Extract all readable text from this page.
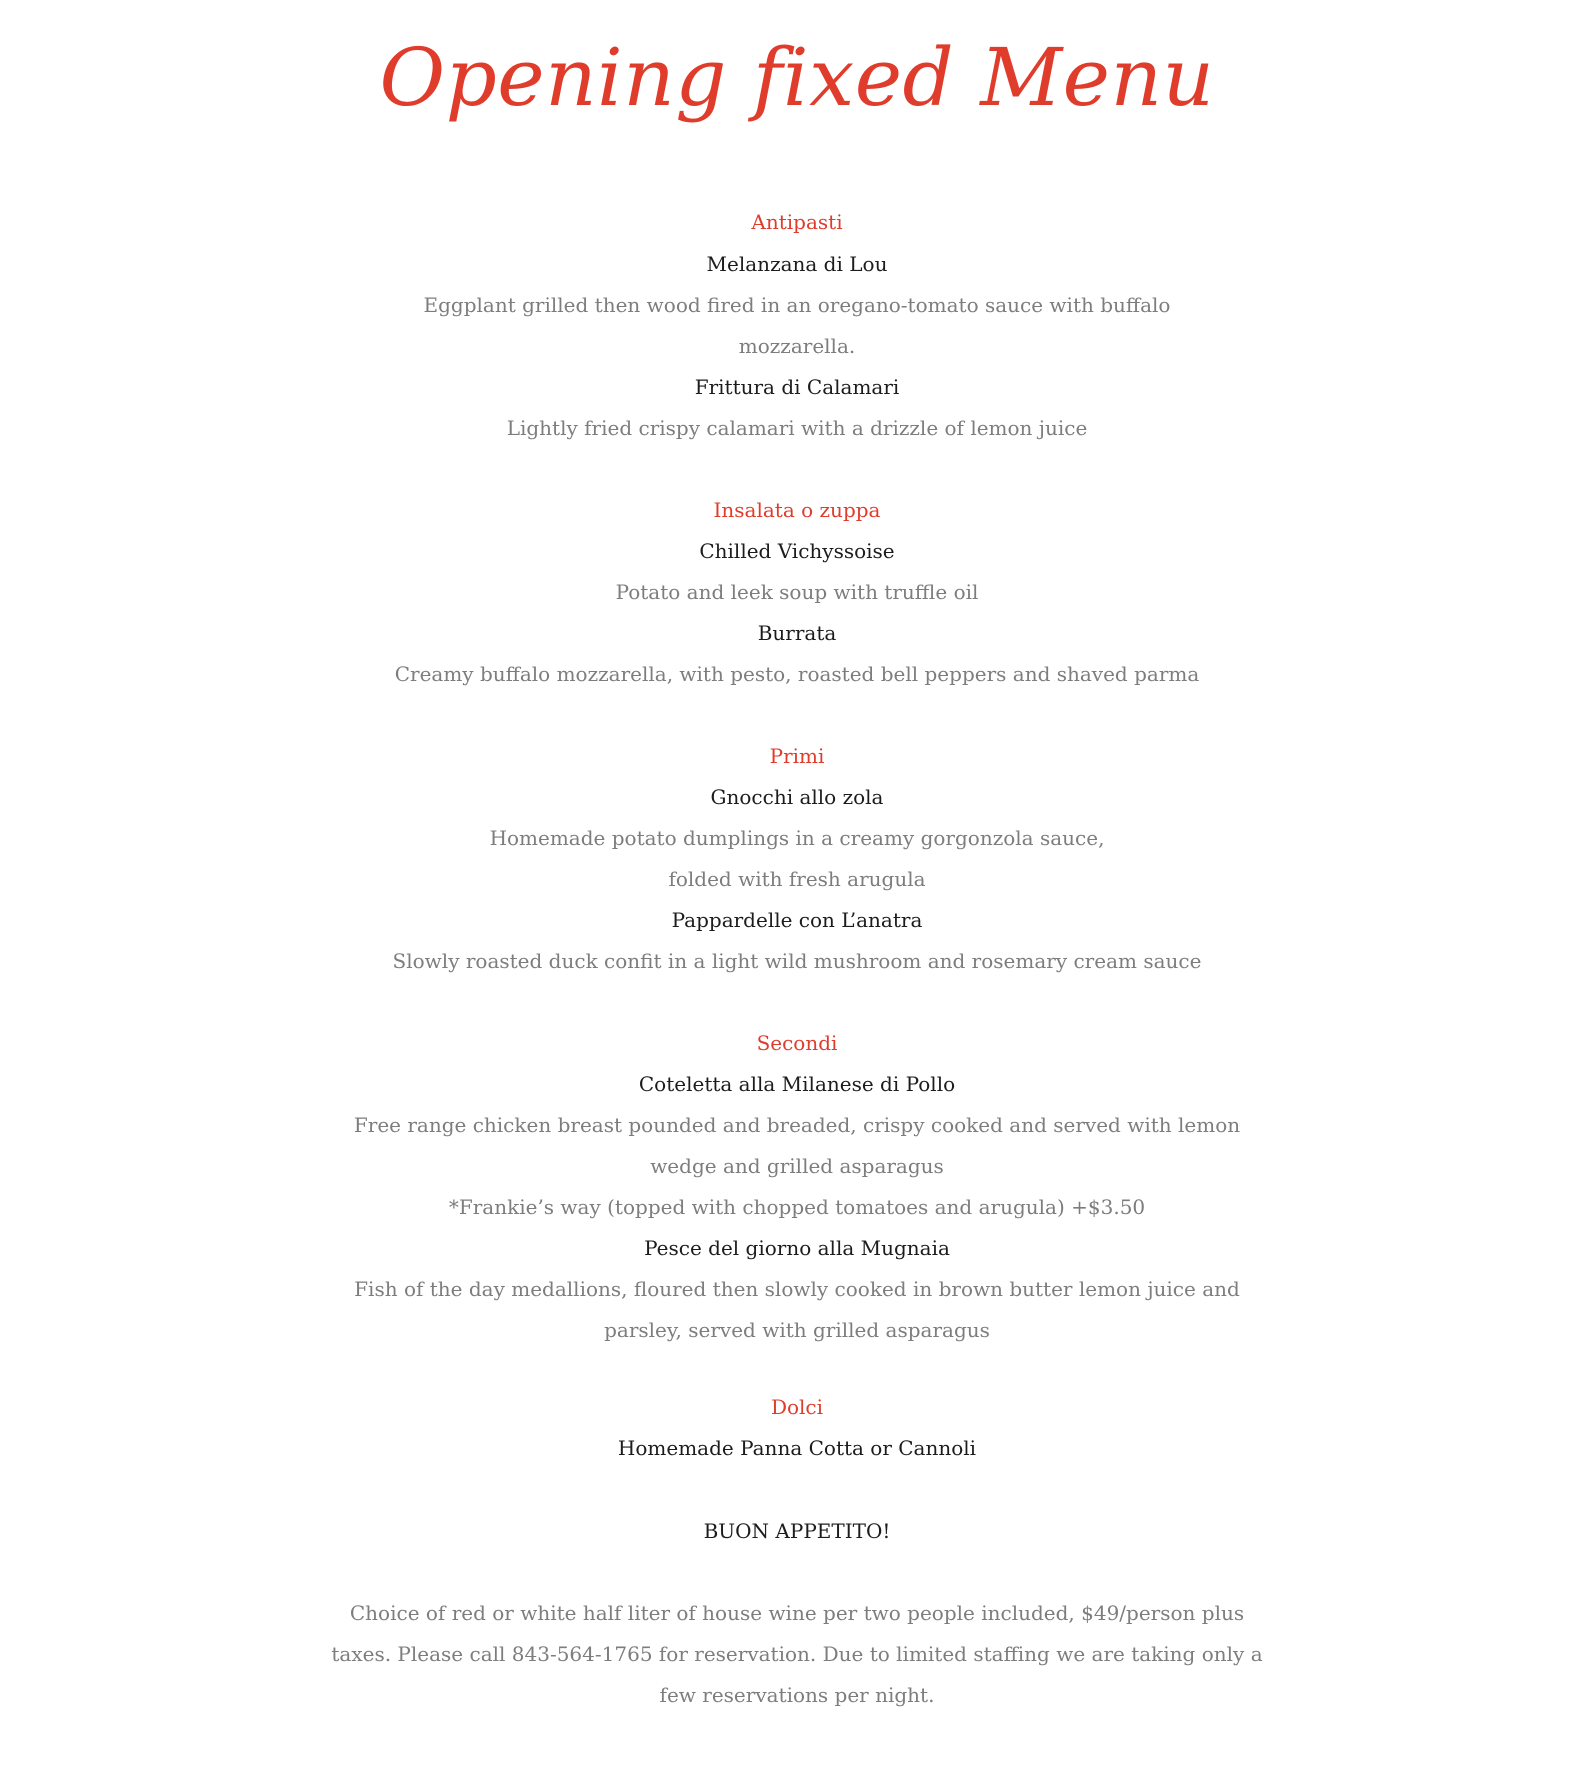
Opening fixed Menu
Antipasti
Melanzana di Lou
Eggplant grilled then wood fired in an oregano-tomato sauce with buffalo
mozzarella.
Frittura di Calamari
Lightly fried crispy calamari with a drizzle of lemon juice
Insalata o zuppa
Chilled Vichyssoise
Potato and leek soup with truffle oil
Burrata
Creamy buffalo mozzarella, with pesto, roasted bell peppers and shaved parma
Primi
Gnocchi allo zola
Homemade potato dumplings in a creamy gorgonzola sauce,
folded with fresh arugula
Pappardelle con L’anatra
Slowly roasted duck confit in a light wild mushroom and rosemary cream sauce
Secondi
Coteletta alla Milanese di Pollo
Free range chicken breast pounded and breaded, crispy cooked and served with lemon
wedge and grilled asparagus
*Frankie’s way (topped with chopped tomatoes and arugula) +$3.50
Pesce del giorno alla Mugnaia
Fish of the day medallions, floured then slowly cooked in brown butter lemon juice and
parsley, served with grilled asparagus
Dolci
Homemade Panna Cotta or Cannoli
BUON APPETITO!
Choice of red or white half liter of house wine per two people included, $49/person plus
taxes. Please call 843-564-1765 for reservation. Due to limited staffing we are taking only a
few reservations per night.
